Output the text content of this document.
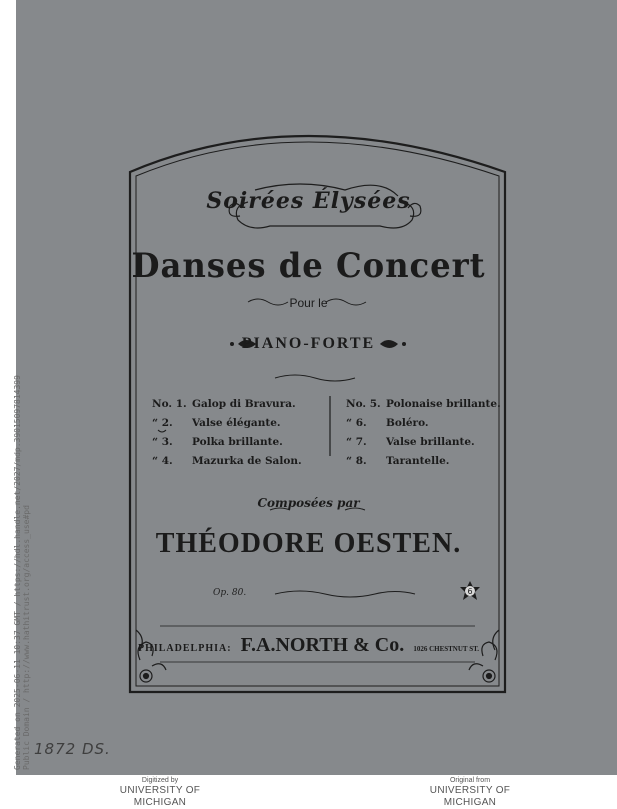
Generated on 2025-06-11 10:37 GMT / https://hdl.handle.net/2027/mdp.39015097814399 Public Domain / http://www.hathitrust.org/access_use#pd
Soirées Élysées
Danses de Concert
Pour le
PIANO-FORTE
No. 1. Galop di Bravura.
“ 2. Valse élégante.
“ 3. Polka brillante.
“ 4. Mazurka de Salon.
No. 5. Polonaise brillante.
“ 6. Boléro.
“ 7. Valse brillante.
“ 8. Tarantelle.
Composées par
THÉODORE OESTEN.
Op. 80.	6
PHILADELPHIA: F.A.NORTH & Co. 1026 CHESTNUT ST.
1872 DS.
Digitized by
UNIVERSITY OF MICHIGAN
Original from
UNIVERSITY OF MICHIGAN
